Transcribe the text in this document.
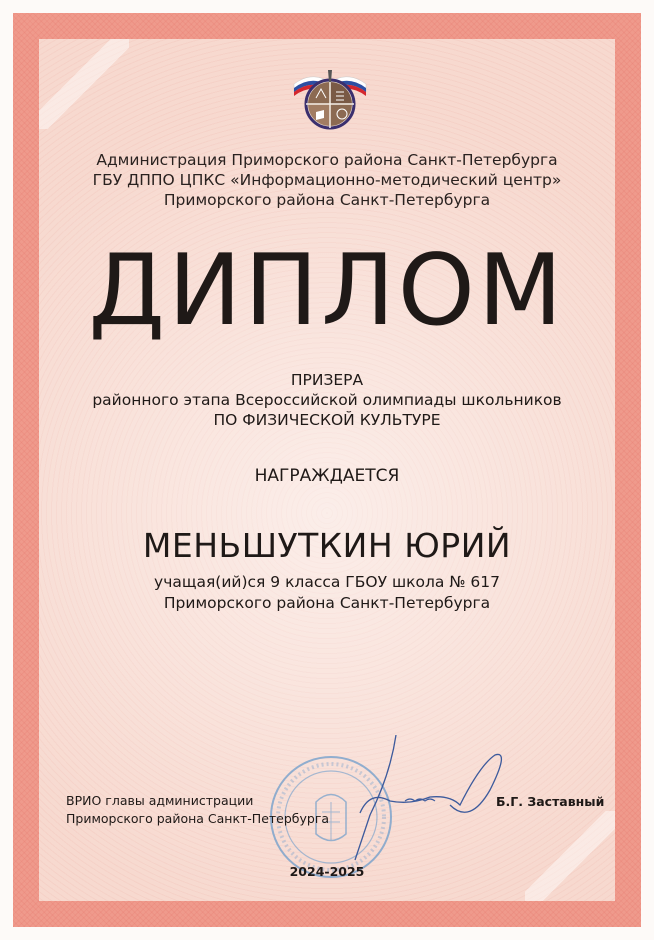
Администрация Приморского района Санкт-Петербурга
ГБУ ДППО ЦПКС «Информационно-методический центр»
Приморского района Санкт-Петербурга
ДИПЛОМ
ПРИЗЕРА
районного этапа Всероссийской олимпиады школьников
ПО ФИЗИЧЕСКОЙ КУЛЬТУРЕ
НАГРАЖДАЕТСЯ
МЕНЬШУТКИН ЮРИЙ
учащая(ий)ся 9 класса ГБОУ школа № 617
Приморского района Санкт-Петербурга
ВРИО главы администрации
Приморского района Санкт-Петербурга
Б.Г. Заставный
2024-2025
